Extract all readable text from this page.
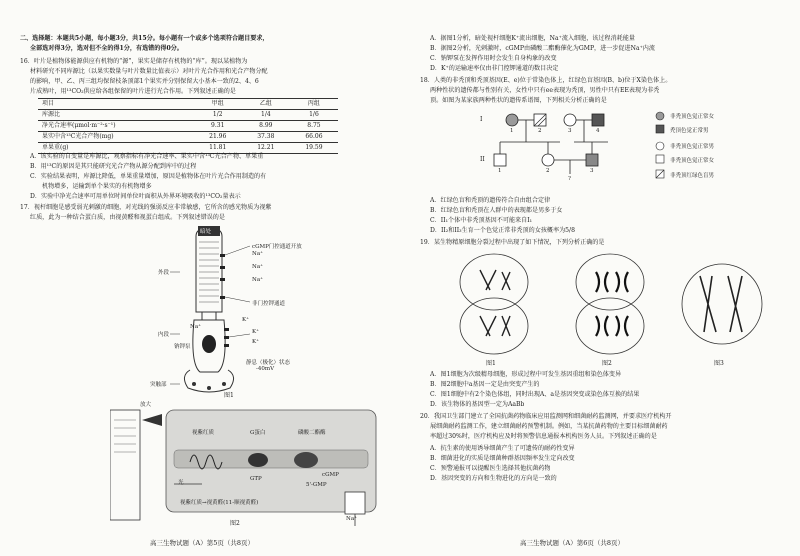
二、选择题：本题共5小题，每小题3分，共15分。每小题有一个或多个选项符合题目要求，

全部选对得3分，选对但不全的得1分，有选错的得0分。

16．叶片是植物体能源供应有机物的“源”，果实是储存有机物的“库”。现以某植物为

材料研究不同库源比（以果实数量与叶片数量比值表示）对叶片光合作用和光合产物分配

的影响，甲、乙、丙三组均保留枝条顶部1个果实并分别保留大小基本一致的2、4、6

片成熟叶，用¹³CO₂供应给各组保留的叶片进行光合作用。下列叙述正确的是

项目	甲组	乙组	丙组
库源比	1/2	1/4	1/6
净光合速率(μmol·m⁻²·s⁻¹)	9.31	8.99	8.75
果实中含¹³C光合产物(mg)	21.96	37.38	66.06
单果重(g)	11.81	12.21	19.59

A．该实验的自变量是库源比，观察指标有净光合速率、果实中含¹³C光合产物、单果重

B．用¹³C的原因是其只能研究光合产物从源分配到库中的过程

C．实验结果表明，库源比降低，单果重量增加，原因是植物体在叶片光合作用制造的有

机物增多，运输到单个果实的有机物增多

D．实验中净光合速率可用单位时间单位叶面积从外界环境吸收的¹³CO₂量表示

17．视杆细胞是感受弱光刺激的细胞，对光线的强弱反应非常敏感，它所含的感光物质为视紫

红质，此为一种结合蛋白质，由视黄醛和视蛋白组成。下列叙述错误的是

暗处
cGMP门控通道开放
Na⁺
Na⁺
Na⁺
非门控钾通道
K⁺
K⁺
K⁺
Na⁺
钠钾泵
外段
内段
突触部
静息（极化）状态
-40mV
图1
放大
视紫红质	G蛋白	磷酸二酯酶
光
GTP
cGMP
5'-GMP
视紫红质→视黄醛(11-顺视黄醛)
Na⁺
图2

高三生物试题（A）第5页（共8页）

A．据图1分析，暗处视杆细胞K⁺流出细胞，Na⁺流入细胞，该过程消耗能量

B．据图2分析，光刺激时，cGMP由磷酸二酯酶催化为GMP，进一步促进Na⁺内流

C．钠钾泵在发挥作用时会发生自身构象的改变

D．K⁺的运输速率仅由非门控钾通道的数目决定

18．人类的非秃顶和秃顶基因(E、e)位于常染色体上，红绿色盲基因(B、b)位于X染色体上。

两种性状的遗传都与性别有关，女性中只有ee表现为秃顶，男性中只有EE表现为非秃

顶。如图为某家族两种性状的遗传系谱图，下列相关分析正确的是

I
II
1	2	3	4
1	2	3
?
非秃顶色觉正常女
秃顶色觉正常男
非秃顶色觉正常男
非秃顶色觉正常女
非秃顶红绿色盲男

A．红绿色盲和秃顶的遗传符合自由组合定律

B．红绿色盲和秃顶在人群中的表现都是男多于女

C．II₁个体中非秃顶基因不可能来自I₁

D．II₂和II₃生育一个色觉正常非秃顶的女孩概率为5/8

19．某生物精原细胞分裂过程中出现了如下情况，下列分析正确的是

图1	图2	图3

A．图1细胞为次级精母细胞，形成过程中可发生基因重组和染色体变异

B．图2细胞中a基因一定是由突变产生的

C．图1细胞中有2个染色体组，同时出现A、a是基因突变或染色体互换的结果

D．该生物体的基因型一定为AaBb

20．我国卫生部门建立了全国抗菌药物临床应用监测网和细菌耐药监测网，并要求医疗机构开

展细菌耐药监测工作，建立细菌耐药预警机制。例如，当某抗菌药物的主要目标细菌耐药

率超过30%时，医疗机构应及时将预警信息通报本机构医务人员。下列叙述正确的是

A．抗生素的使用诱导细菌产生了可遗传的耐药性变异

B．细菌进化的实质是细菌种群基因频率发生定向改变

C．预警通报可以提醒医生选择其他抗菌药物

D．基因突变的方向和生物进化的方向是一致的

高三生物试题（A）第6页（共8页）
